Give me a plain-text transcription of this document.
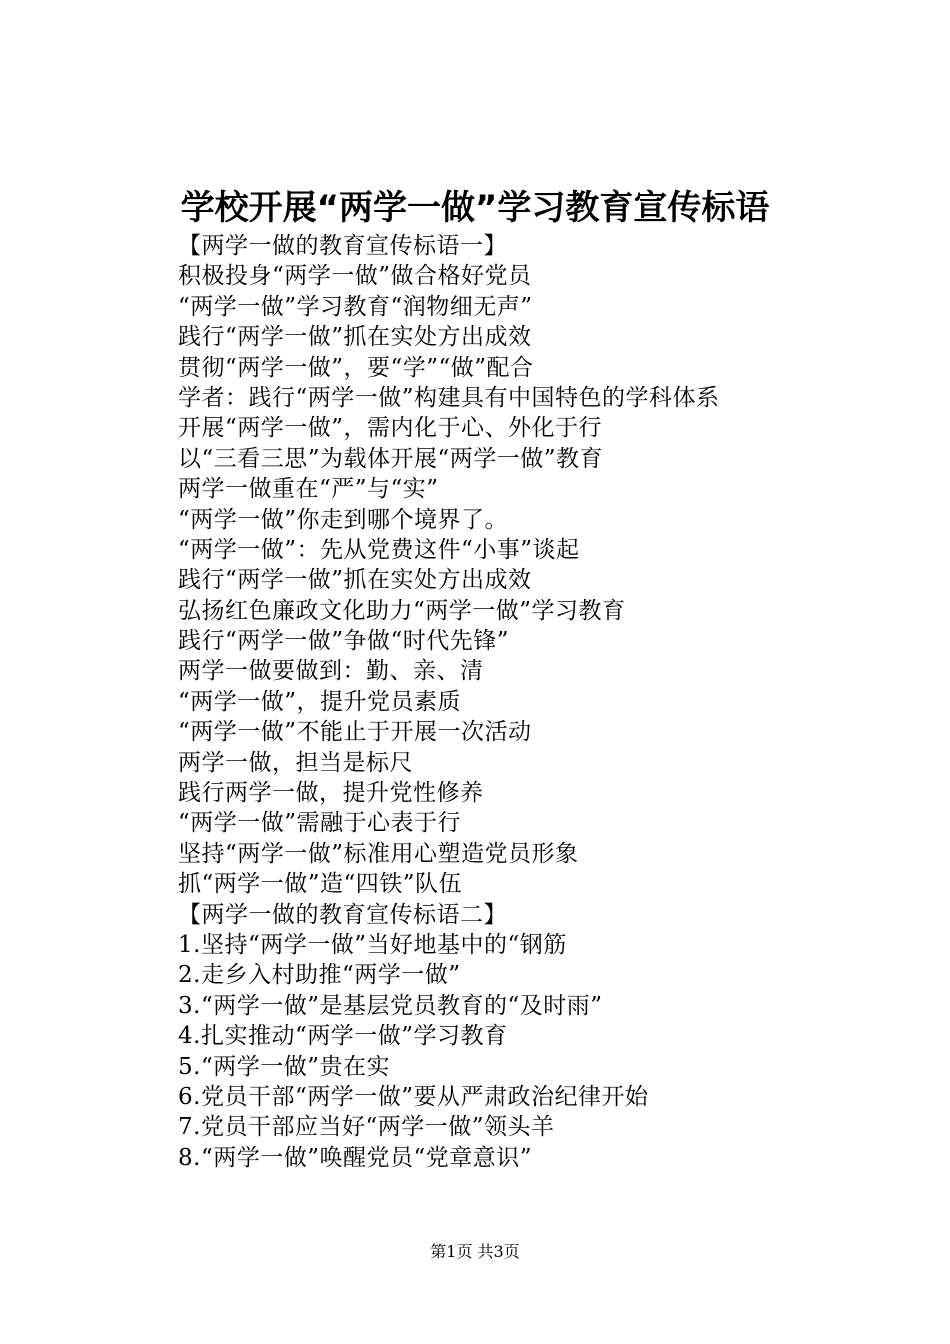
学校开展“两学一做”学习教育宣传标语
【两学一做的教育宣传标语一】
积极投身“两学一做”做合格好党员
“两学一做”学习教育“润物细无声”
践行“两学一做”抓在实处方出成效
贯彻“两学一做”，要“学”“做”配合
学者：践行“两学一做”构建具有中国特色的学科体系
开展“两学一做”，需内化于心、外化于行
以“三看三思”为载体开展“两学一做”教育
两学一做重在“严”与“实”
“两学一做”你走到哪个境界了。
“两学一做”：先从党费这件“小事”谈起
践行“两学一做”抓在实处方出成效
弘扬红色廉政文化助力“两学一做”学习教育
践行“两学一做”争做“时代先锋”
两学一做要做到：勤、亲、清
“两学一做”，提升党员素质
“两学一做”不能止于开展一次活动
两学一做，担当是标尺
践行两学一做，提升党性修养
“两学一做”需融于心表于行
坚持“两学一做”标准用心塑造党员形象
抓“两学一做”造“四铁”队伍
【两学一做的教育宣传标语二】
1.坚持“两学一做”当好地基中的“钢筋
2.走乡入村助推“两学一做”
3.“两学一做”是基层党员教育的“及时雨”
4.扎实推动“两学一做”学习教育
5.“两学一做”贵在实
6.党员干部“两学一做”要从严肃政治纪律开始
7.党员干部应当好“两学一做”领头羊
8.“两学一做”唤醒党员“党章意识”
第1页 共3页
